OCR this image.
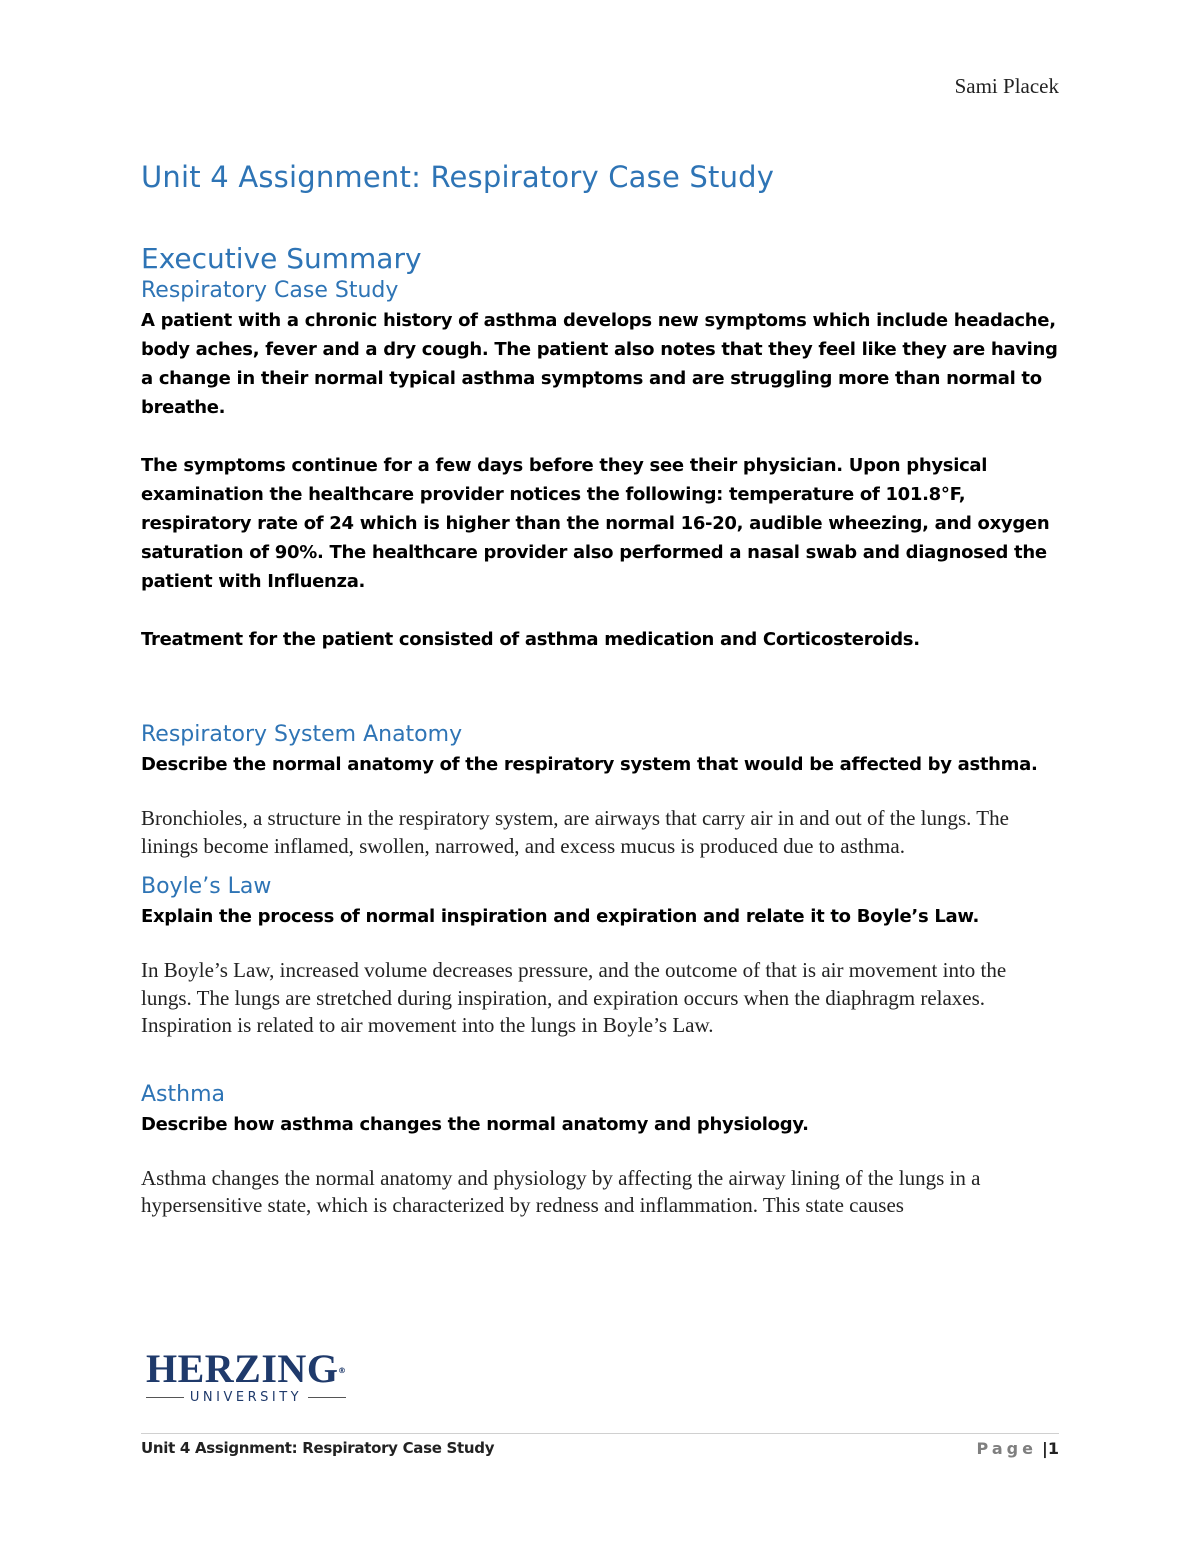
Sami Placek
Unit 4 Assignment: Respiratory Case Study
Executive Summary
Respiratory Case Study

A patient with a chronic history of asthma develops new symptoms which include headache, body aches, fever and a dry cough. The patient also notes that they feel like they are having a change in their normal typical asthma symptoms and are struggling more than normal to breathe.

The symptoms continue for a few days before they see their physician. Upon physical examination the healthcare provider notices the following: temperature of 101.8°F, respiratory rate of 24 which is higher than the normal 16-20, audible wheezing, and oxygen saturation of 90%. The healthcare provider also performed a nasal swab and diagnosed the patient with Influenza.

Treatment for the patient consisted of asthma medication and Corticosteroids.

Respiratory System Anatomy

Describe the normal anatomy of the respiratory system that would be affected by asthma.

Bronchioles, a structure in the respiratory system, are airways that carry air in and out of the lungs. The linings become inflamed, swollen, narrowed, and excess mucus is produced due to asthma.

Boyle’s Law

Explain the process of normal inspiration and expiration and relate it to Boyle’s Law.

In Boyle’s Law, increased volume decreases pressure, and the outcome of that is air movement into the lungs. The lungs are stretched during inspiration, and expiration occurs when the diaphragm relaxes. Inspiration is related to air movement into the lungs in Boyle’s Law.

Asthma

Describe how asthma changes the normal anatomy and physiology.

Asthma changes the normal anatomy and physiology by affecting the airway lining of the lungs in a hypersensitive state, which is characterized by redness and inflammation. This state causes

HERZING ®
UNIVERSITY
Unit 4 Assignment: Respiratory Case Study	Page |1
